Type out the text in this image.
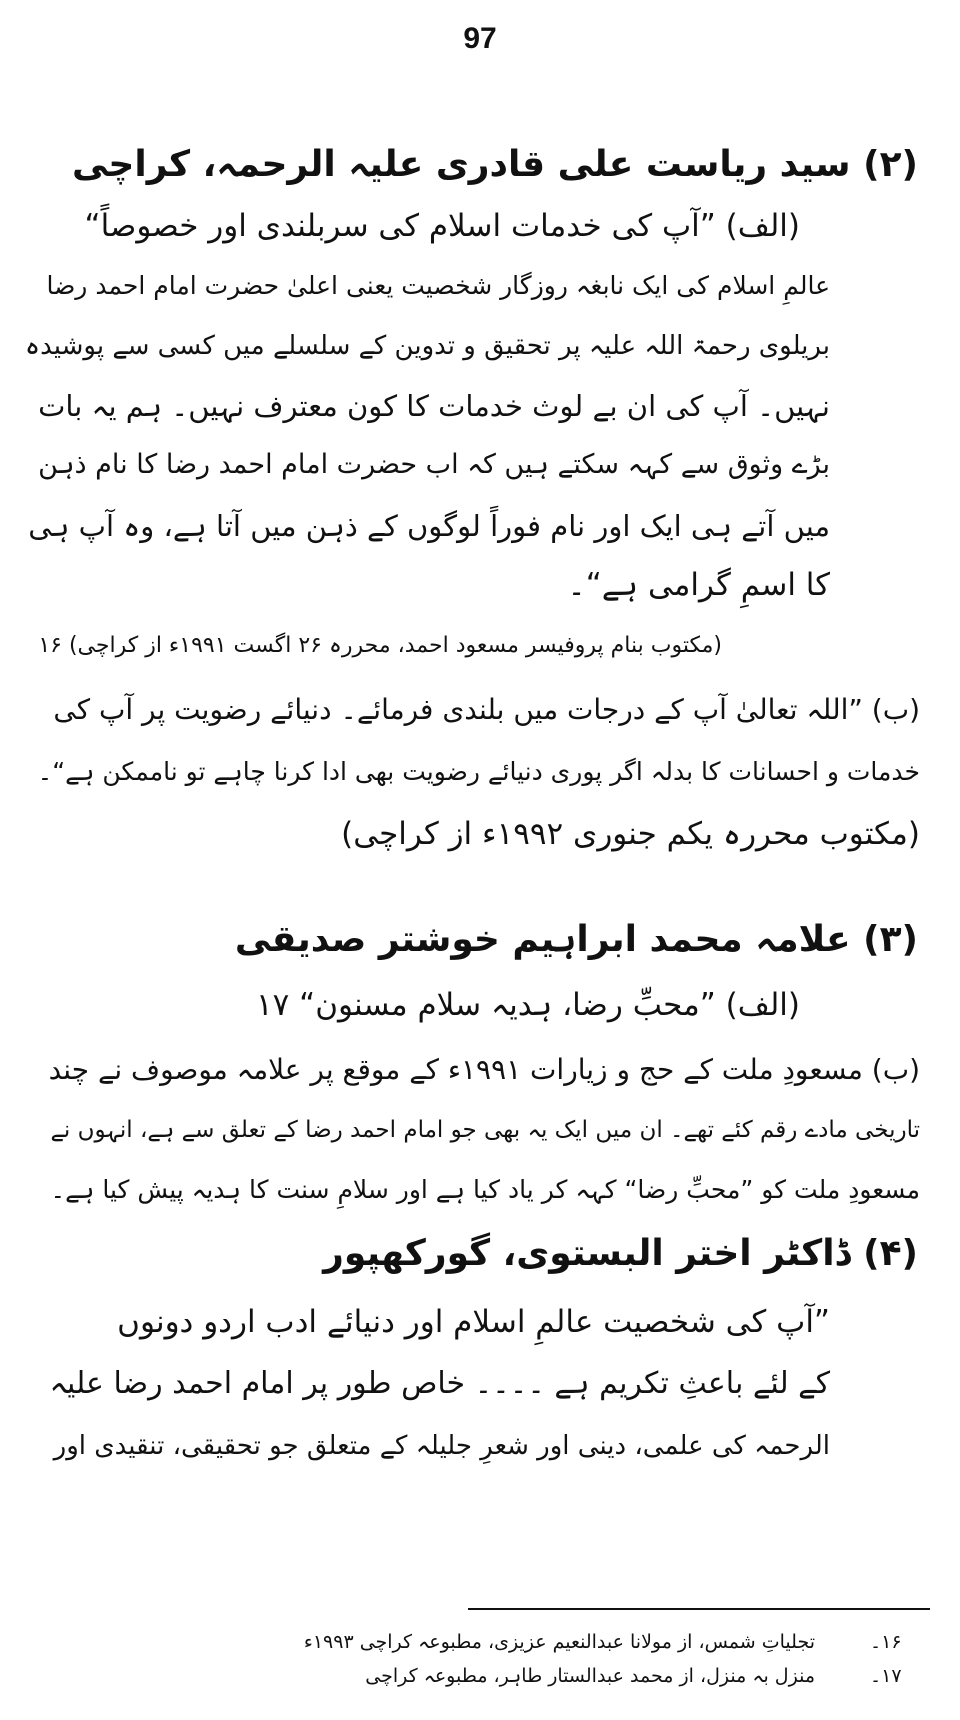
97
(۲) سید ریاست علی قادری علیہ الرحمہ، کراچی
(الف) ”آپ کی خدمات اسلام کی سربلندی اور خصوصاً“
عالمِ اسلام کی ایک نابغہ روزگار شخصیت یعنی اعلیٰ حضرت امام احمد رضا
بریلوی رحمۃ اللہ علیہ پر تحقیق و تدوین کے سلسلے میں کسی سے پوشیدہ
نہیں۔ آپ کی ان بے لوث خدمات کا کون معترف نہیں۔ ہم یہ بات
بڑے وثوق سے کہہ سکتے ہیں کہ اب حضرت امام احمد رضا کا نام ذہن
میں آتے ہی ایک اور نام فوراً لوگوں کے ذہن میں آتا ہے، وہ آپ ہی
کا اسمِ گرامی ہے“۔
(مکتوب بنام پروفیسر مسعود احمد، محررہ ۲۶ اگست ۱۹۹۱ء از کراچی) ۱۶
(ب) ”اللہ تعالیٰ آپ کے درجات میں بلندی فرمائے۔ دنیائے رضویت پر آپ کی
خدمات و احسانات کا بدلہ اگر پوری دنیائے رضویت بھی ادا کرنا چاہے تو ناممکن ہے“۔
(مکتوب محررہ یکم جنوری ۱۹۹۲ء از کراچی)
(۳) علامہ محمد ابراہیم خوشتر صدیقی
(الف) ”محبِّ رضا، ہدیہ سلام مسنون“ ۱۷
(ب) مسعودِ ملت کے حج و زیارات ۱۹۹۱ء کے موقع پر علامہ موصوف نے چند
تاریخی مادے رقم کئے تھے۔ ان میں ایک یہ بھی جو امام احمد رضا کے تعلق سے ہے، انہوں نے
مسعودِ ملت کو ”محبِّ رضا“ کہہ کر یاد کیا ہے اور سلامِ سنت کا ہدیہ پیش کیا ہے۔
(۴) ڈاکٹر اختر البستوی، گورکھپور
”آپ کی شخصیت عالمِ اسلام اور دنیائے ادب اردو دونوں
کے لئے باعثِ تکریم ہے ۔۔۔۔ خاص طور پر امام احمد رضا علیہ
الرحمہ کی علمی، دینی اور شعرِ جلیلہ کے متعلق جو تحقیقی، تنقیدی اور
۱۶۔
تجلیاتِ شمس، از مولانا عبدالنعیم عزیزی، مطبوعہ کراچی ۱۹۹۳ء
۱۷۔
منزل بہ منزل، از محمد عبدالستار طاہر، مطبوعہ کراچی
